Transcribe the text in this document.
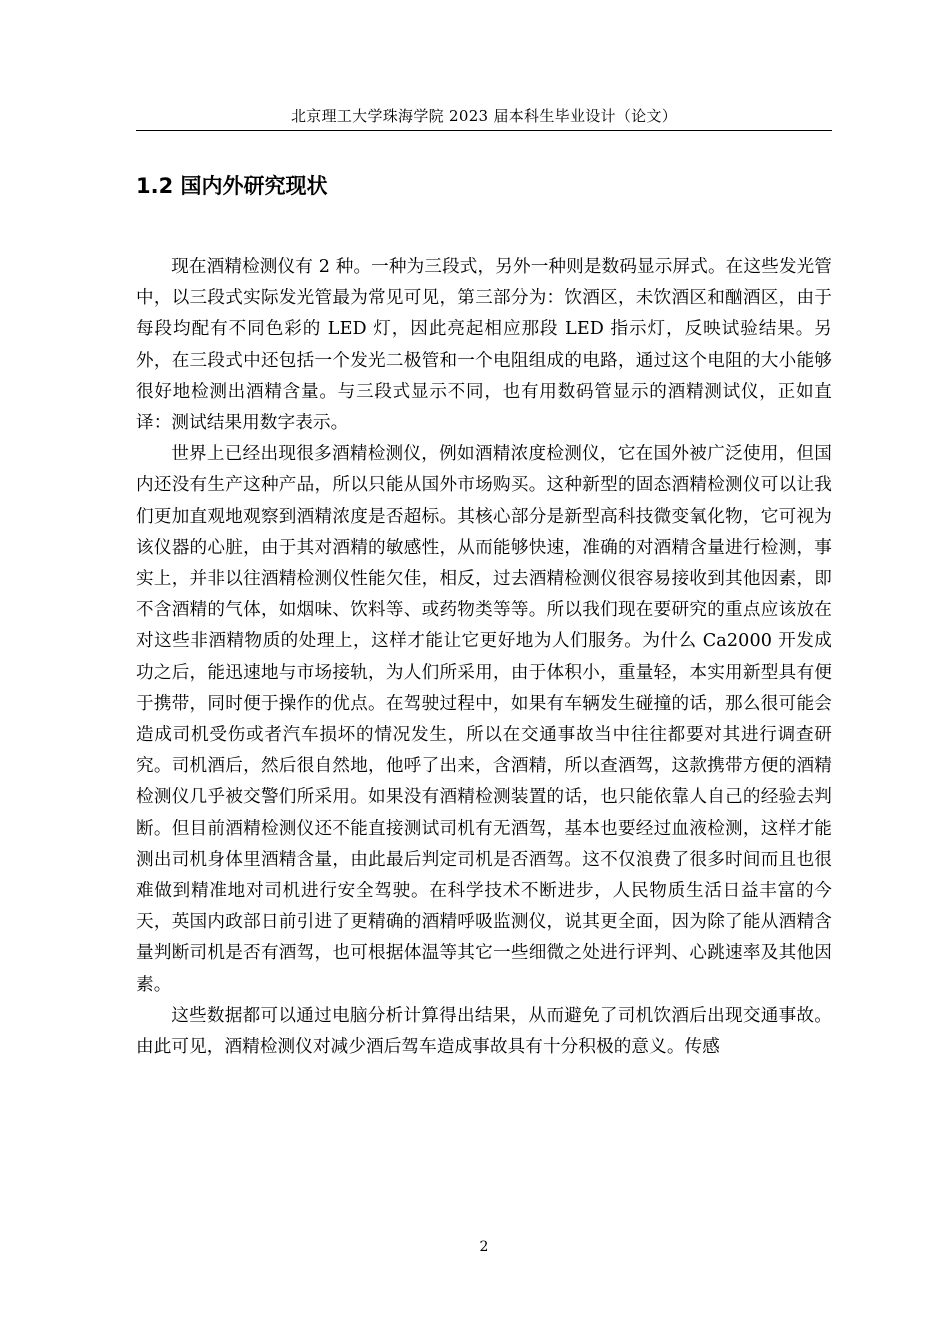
北京理工大学珠海学院 2023 届本科生毕业设计（论文）
1.2 国内外研究现状

现在酒精检测仪有 2 种。一种为三段式，另外一种则是数码显示屏式。在这些发光管中，以三段式实际发光管最为常见可见，第三部分为：饮酒区，未饮酒区和酗酒区，由于每段均配有不同色彩的 LED 灯，因此亮起相应那段 LED 指示灯，反映试验结果。另外，在三段式中还包括一个发光二极管和一个电阻组成的电路，通过这个电阻的大小能够很好地检测出酒精含量。与三段式显示不同，也有用数码管显示的酒精测试仪，正如直译：测试结果用数字表示。

世界上已经出现很多酒精检测仪，例如酒精浓度检测仪，它在国外被广泛使用，但国内还没有生产这种产品，所以只能从国外市场购买。这种新型的固态酒精检测仪可以让我们更加直观地观察到酒精浓度是否超标。其核心部分是新型高科技微变氧化物，它可视为该仪器的心脏，由于其对酒精的敏感性，从而能够快速，准确的对酒精含量进行检测，事实上，并非以往酒精检测仪性能欠佳，相反，过去酒精检测仪很容易接收到其他因素，即不含酒精的气体，如烟味、饮料等、或药物类等等。所以我们现在要研究的重点应该放在对这些非酒精物质的处理上，这样才能让它更好地为人们服务。为什么 Ca2000 开发成功之后，能迅速地与市场接轨，为人们所采用，由于体积小，重量轻，本实用新型具有便于携带，同时便于操作的优点。在驾驶过程中，如果有车辆发生碰撞的话，那么很可能会造成司机受伤或者汽车损坏的情况发生，所以在交通事故当中往往都要对其进行调查研究。司机酒后，然后很自然地，他呼了出来，含酒精，所以查酒驾，这款携带方便的酒精检测仪几乎被交警们所采用。如果没有酒精检测装置的话，也只能依靠人自己的经验去判断。但目前酒精检测仪还不能直接测试司机有无酒驾，基本也要经过血液检测，这样才能测出司机身体里酒精含量，由此最后判定司机是否酒驾。这不仅浪费了很多时间而且也很难做到精准地对司机进行安全驾驶。在科学技术不断进步，人民物质生活日益丰富的今天，英国内政部日前引进了更精确的酒精呼吸监测仪，说其更全面，因为除了能从酒精含量判断司机是否有酒驾，也可根据体温等其它一些细微之处进行评判、心跳速率及其他因素。

这些数据都可以通过电脑分析计算得出结果，从而避免了司机饮酒后出现交通事故。由此可见，酒精检测仪对减少酒后驾车造成事故具有十分积极的意义。传感

2
